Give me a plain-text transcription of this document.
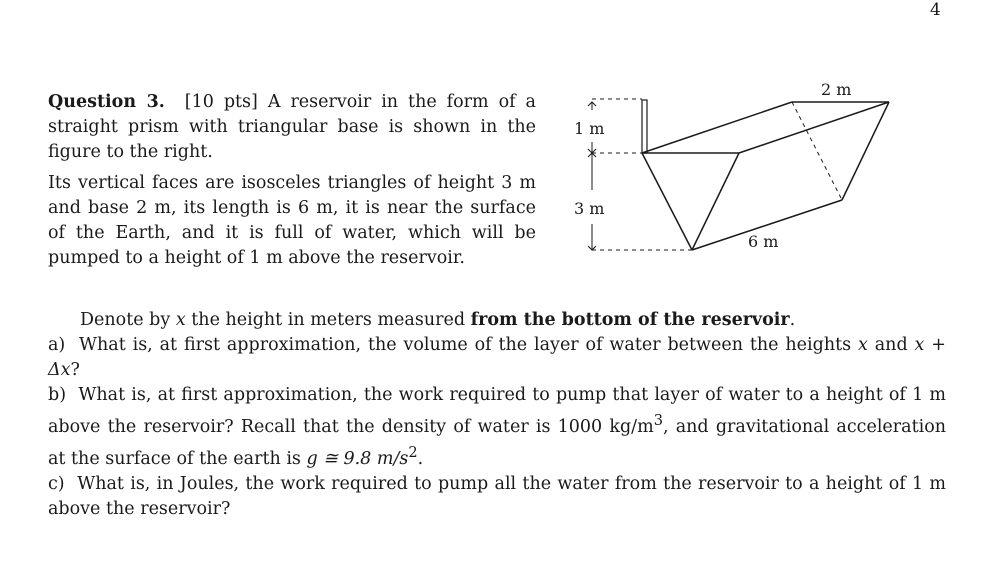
4

Question 3. [10 pts] A reservoir in the form of a straight prism with triangular base is shown in the figure to the right.

Its vertical faces are isosceles triangles of height 3 m and base 2 m, its length is 6 m, it is near the surface of the Earth, and it is full of water, which will be pumped to a height of 1 m above the reservoir.

2 m
1 m
3 m
6 m

Denote by x the height in meters measured from the bottom of the reservoir.

a) What is, at first approximation, the volume of the layer of water between the heights x and x + Δx?

b) What is, at first approximation, the work required to pump that layer of water to a height of 1 m above the reservoir? Recall that the density of water is 1000 $kg/m^3$, and gravitational acceleration at the surface of the earth is g ≅ 9.8 $m/s^2$.

c) What is, in Joules, the work required to pump all the water from the reservoir to a height of 1 m above the reservoir?
